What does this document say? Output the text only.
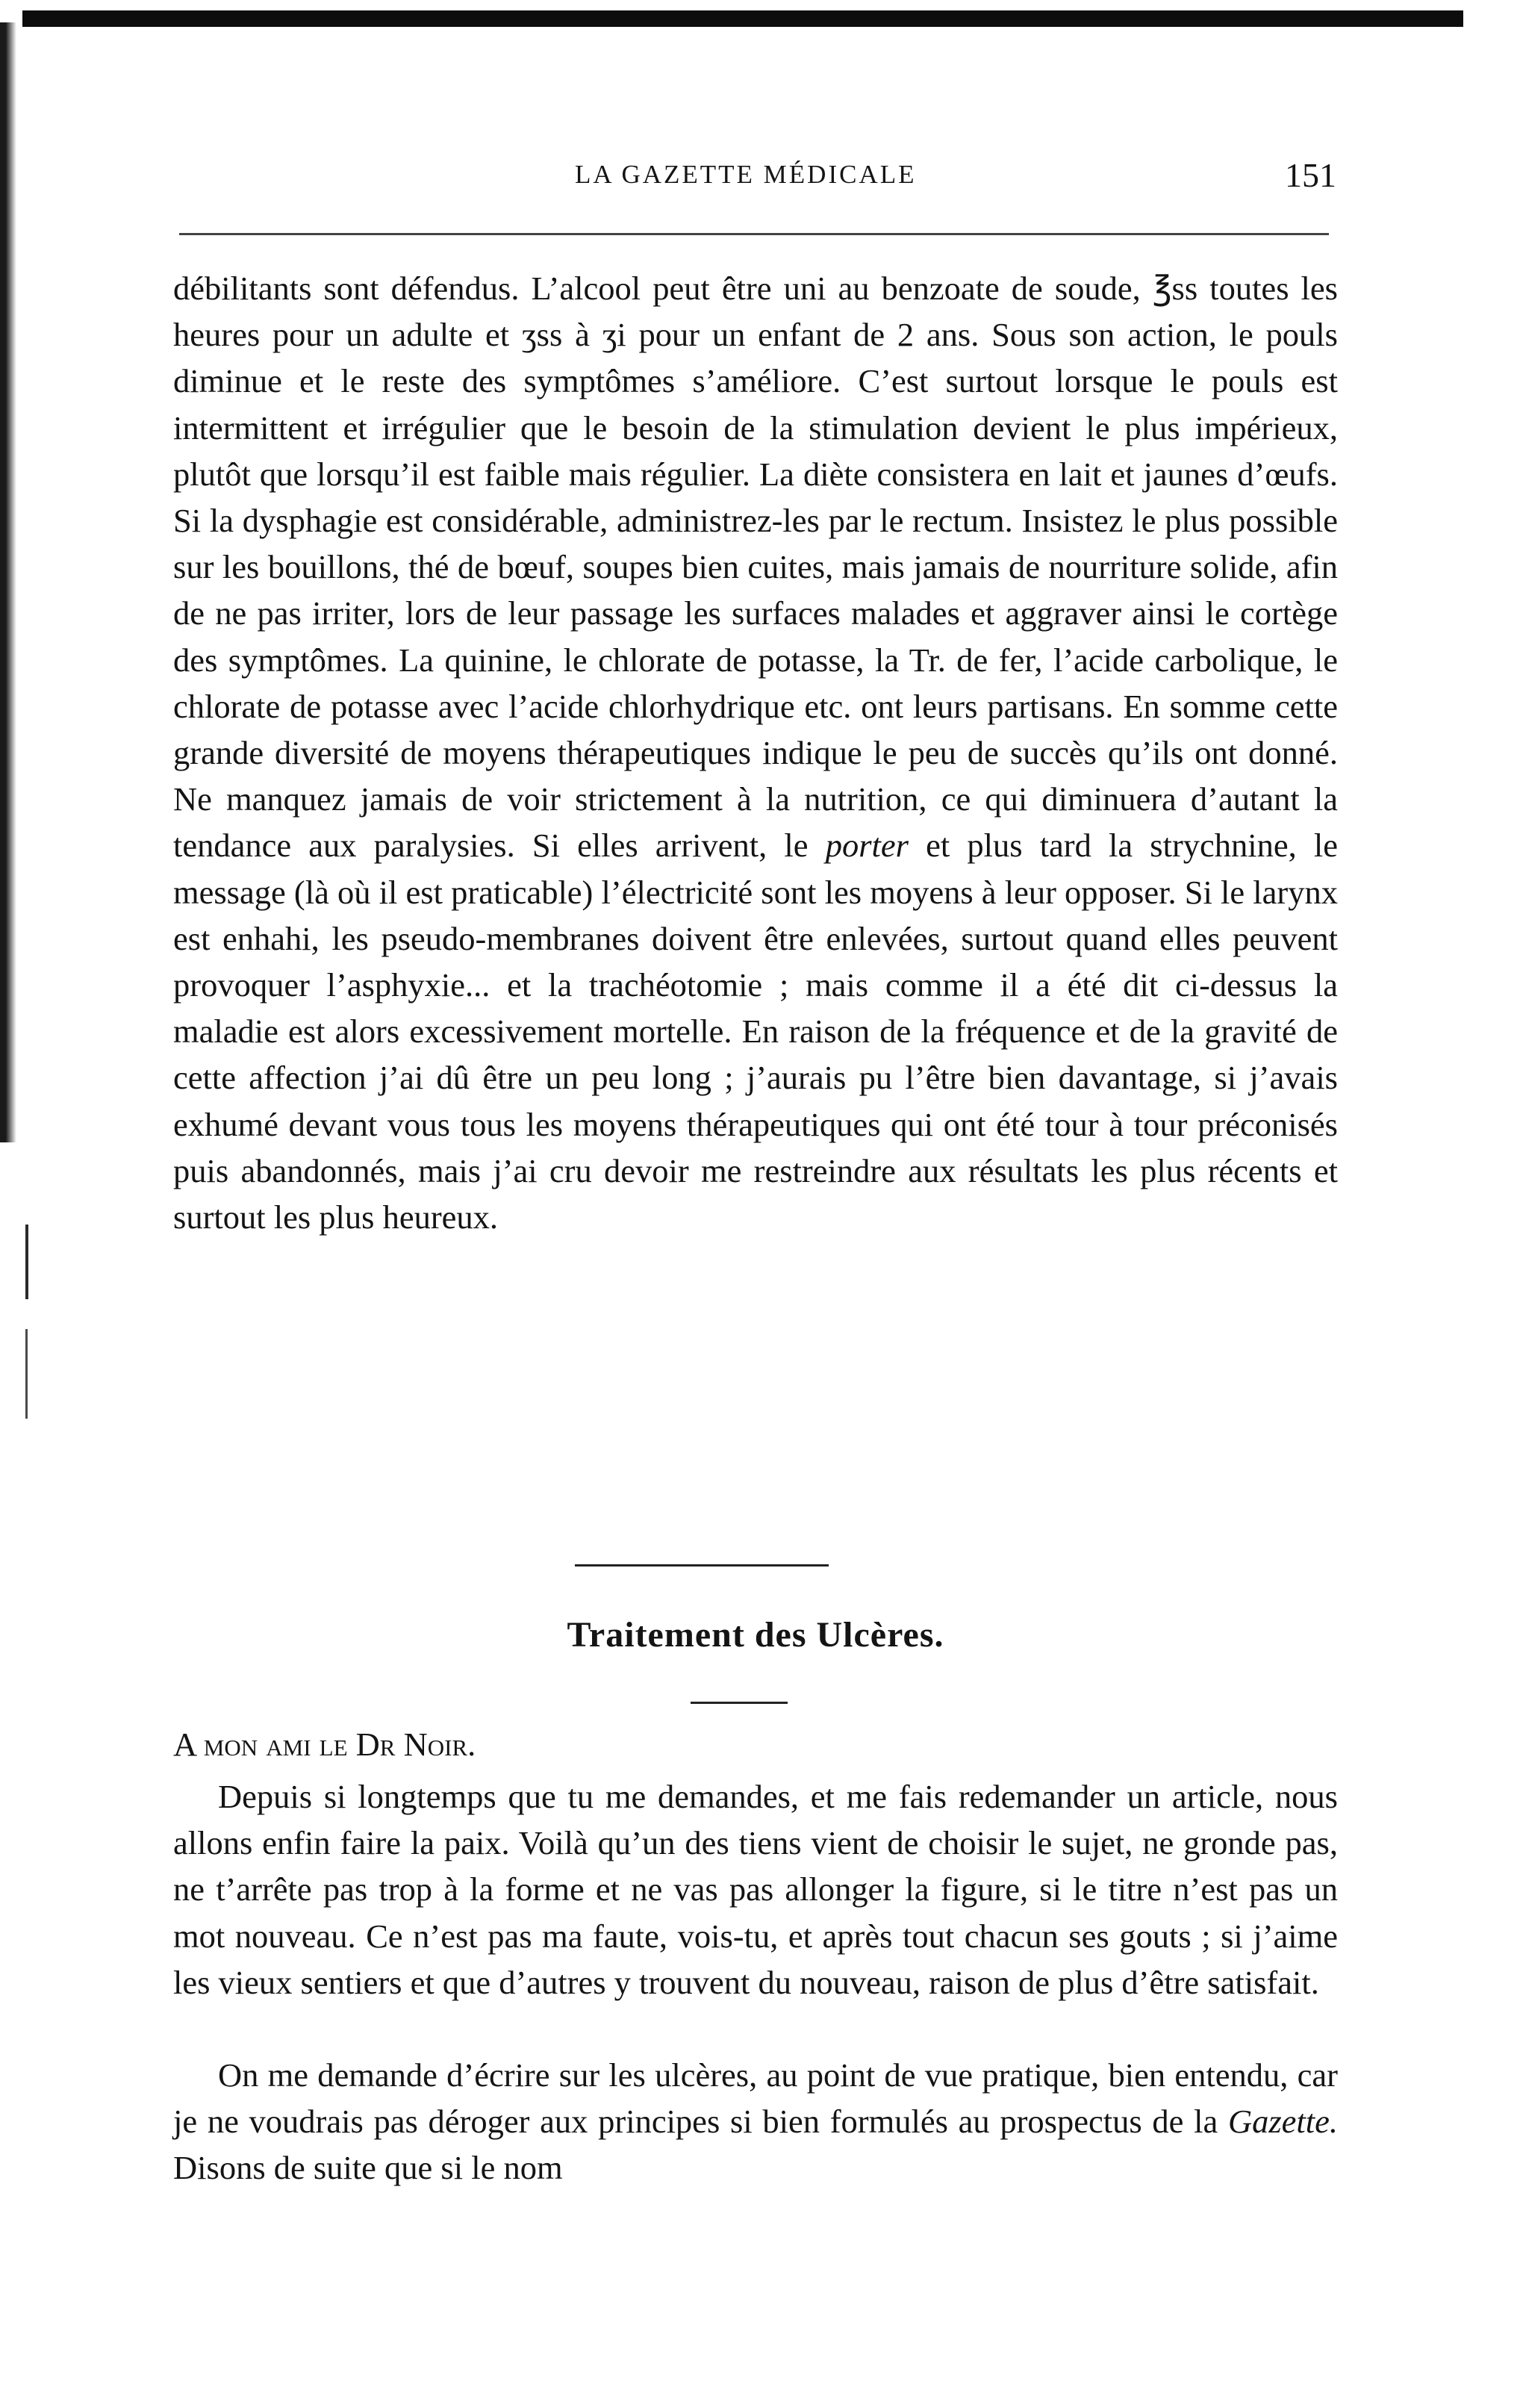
LA GAZETTE MÉDICALE	151

débilitants sont défendus. L’alcool peut être uni au benzoate de soude, ℥ss toutes les heures pour un adulte et ʒss à ʒi pour un enfant de 2 ans. Sous son action, le pouls diminue et le reste des symptômes s’améliore. C’est surtout lorsque le pouls est intermittent et irrégulier que le besoin de la stimulation devient le plus impérieux, plutôt que lorsqu’il est faible mais régulier. La diète consistera en lait et jaunes d’œufs. Si la dysphagie est considérable, administrez-les par le rectum. Insistez le plus possible sur les bouillons, thé de bœuf, soupes bien cuites, mais jamais de nourriture solide, afin de ne pas irriter, lors de leur passage les surfaces malades et aggraver ainsi le cortège des symptômes. La quinine, le chlorate de potasse, la Tr. de fer, l’acide carbolique, le chlorate de potasse avec l’acide chlorhydrique etc. ont leurs partisans. En somme cette grande diversité de moyens thérapeutiques indique le peu de succès qu’ils ont donné. Ne manquez jamais de voir strictement à la nutrition, ce qui diminuera d’autant la tendance aux paralysies. Si elles arrivent, le porter et plus tard la strychnine, le message (là où il est praticable) l’électricité sont les moyens à leur opposer. Si le larynx est enhahi, les pseudo-membranes doivent être enlevées, surtout quand elles peuvent provoquer l’asphyxie... et la trachéotomie ; mais comme il a été dit ci-dessus la maladie est alors excessivement mortelle. En raison de la fréquence et de la gravité de cette affection j’ai dû être un peu long ; j’aurais pu l’être bien davantage, si j’avais exhumé devant vous tous les moyens thérapeutiques qui ont été tour à tour préconisés puis abandonnés, mais j’ai cru devoir me restreindre aux résultats les plus récents et surtout les plus heureux.

Traitement des Ulcères.
A mon ami le Dr Noir.

Depuis si longtemps que tu me demandes, et me fais redemander un article, nous allons enfin faire la paix. Voilà qu’un des tiens vient de choisir le sujet, ne gronde pas, ne t’arrête pas trop à la forme et ne vas pas allonger la figure, si le titre n’est pas un mot nouveau. Ce n’est pas ma faute, vois-tu, et après tout chacun ses gouts ; si j’aime les vieux sentiers et que d’autres y trouvent du nouveau, raison de plus d’être satisfait.

On me demande d’écrire sur les ulcères, au point de vue pratique, bien entendu, car je ne voudrais pas déroger aux principes si bien formulés au prospectus de la Gazette. Disons de suite que si le nom
